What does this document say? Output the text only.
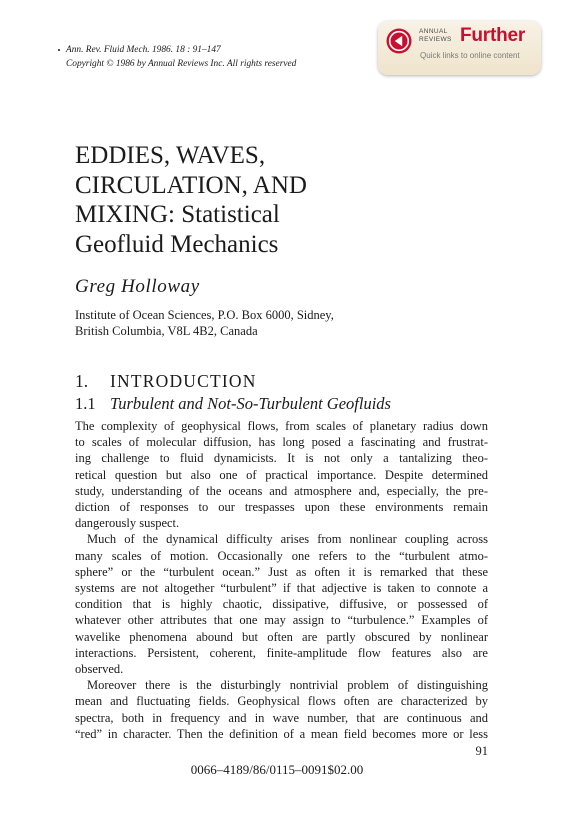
Ann. Rev. Fluid Mech. 1986. 18 : 91–147
Copyright © 1986 by Annual Reviews Inc. All rights reserved
ANNUAL
REVIEWS Further
Quick links to online content
EDDIES, WAVES,
CIRCULATION, AND
MIXING: Statistical
Geofluid Mechanics
Greg Holloway
Institute of Ocean Sciences, P.O. Box 6000, Sidney,
British Columbia, V8L 4B2, Canada
1. INTRODUCTION
1.1 Turbulent and Not-So-Turbulent Geofluids
The complexity of geophysical flows, from scales of planetary radius down
to scales of molecular diffusion, has long posed a fascinating and frustrat-
ing challenge to fluid dynamicists. It is not only a tantalizing theo-
retical question but also one of practical importance. Despite determined
study, understanding of the oceans and atmosphere and, especially, the pre-
diction of responses to our trespasses upon these environments remain
dangerously suspect.
Much of the dynamical difficulty arises from nonlinear coupling across
many scales of motion. Occasionally one refers to the “turbulent atmo-
sphere” or the “turbulent ocean.” Just as often it is remarked that these
systems are not altogether “turbulent” if that adjective is taken to connote a
condition that is highly chaotic, dissipative, diffusive, or possessed of
whatever other attributes that one may assign to “turbulence.” Examples of
wavelike phenomena abound but often are partly obscured by nonlinear
interactions. Persistent, coherent, finite-amplitude flow features also are
observed.
Moreover there is the disturbingly nontrivial problem of distinguishing
mean and fluctuating fields. Geophysical flows often are characterized by
spectra, both in frequency and in wave number, that are continuous and
“red” in character. Then the definition of a mean field becomes more or less
91
0066–4189/86/0115–0091$02.00
